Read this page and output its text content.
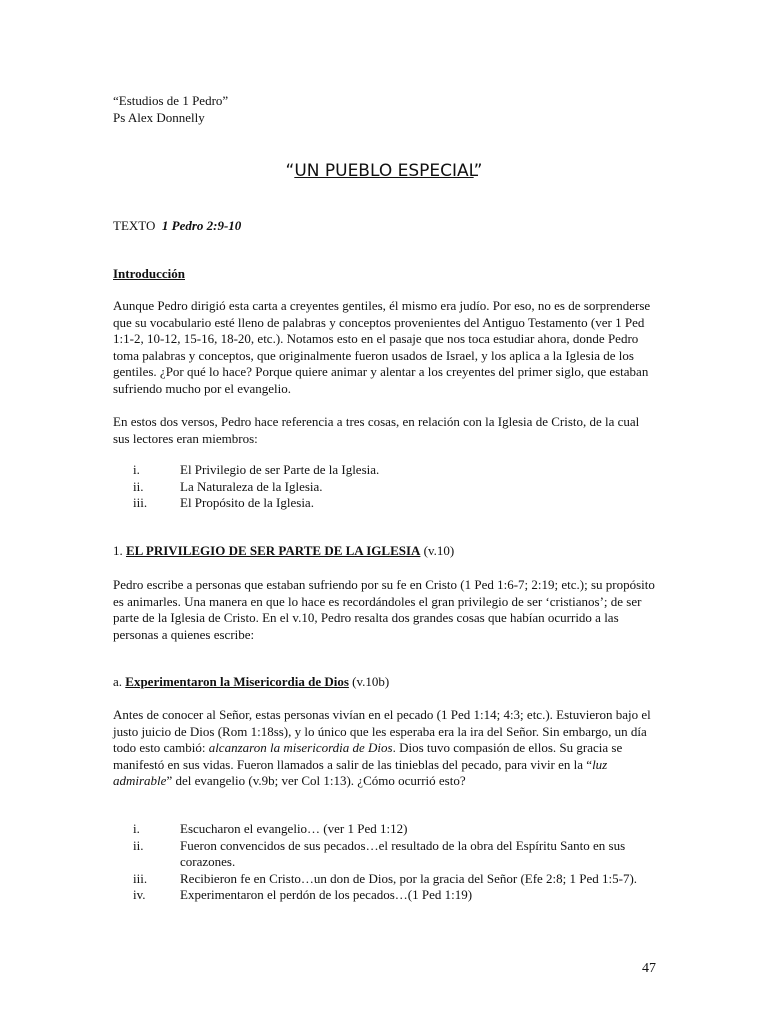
“Estudios de 1 Pedro”
Ps Alex Donnelly
“UN PUEBLO ESPECIAL”
TEXTO 1 Pedro 2:9-10
Introducción

Aunque Pedro dirigió esta carta a creyentes gentiles, él mismo era judío. Por eso, no es de sorprenderse que su vocabulario esté lleno de palabras y conceptos provenientes del Antiguo Testamento (ver 1 Ped 1:1-2, 10-12, 15-16, 18-20, etc.). Notamos esto en el pasaje que nos toca estudiar ahora, donde Pedro toma palabras y conceptos, que originalmente fueron usados de Israel, y los aplica a la Iglesia de los gentiles. ¿Por qué lo hace? Porque quiere animar y alentar a los creyentes del primer siglo, que estaban sufriendo mucho por el evangelio.

En estos dos versos, Pedro hace referencia a tres cosas, en relación con la Iglesia de Cristo, de la cual sus lectores eran miembros:

i.	El Privilegio de ser Parte de la Iglesia.
ii.	La Naturaleza de la Iglesia.
iii.	El Propósito de la Iglesia.
1. EL PRIVILEGIO DE SER PARTE DE LA IGLESIA (v.10)

Pedro escribe a personas que estaban sufriendo por su fe en Cristo (1 Ped 1:6-7; 2:19; etc.); su propósito es animarles. Una manera en que lo hace es recordándoles el gran privilegio de ser ‘cristianos’; de ser parte de la Iglesia de Cristo. En el v.10, Pedro resalta dos grandes cosas que habían ocurrido a las personas a quienes escribe:

a. Experimentaron la Misericordia de Dios (v.10b)

Antes de conocer al Señor, estas personas vivían en el pecado (1 Ped 1:14; 4:3; etc.). Estuvieron bajo el justo juicio de Dios (Rom 1:18ss), y lo único que les esperaba era la ira del Señor. Sin embargo, un día todo esto cambió: alcanzaron la misericordia de Dios. Dios tuvo compasión de ellos. Su gracia se manifestó en sus vidas. Fueron llamados a salir de las tinieblas del pecado, para vivir en la “luz admirable” del evangelio (v.9b; ver Col 1:13). ¿Cómo ocurrió esto?

i.	Escucharon el evangelio… (ver 1 Ped 1:12)
ii.	Fueron convencidos de sus pecados…el resultado de la obra del Espíritu Santo en sus corazones.
iii.	Recibieron fe en Cristo…un don de Dios, por la gracia del Señor (Efe 2:8; 1 Ped 1:5-7).
iv.	Experimentaron el perdón de los pecados…(1 Ped 1:19)
47
